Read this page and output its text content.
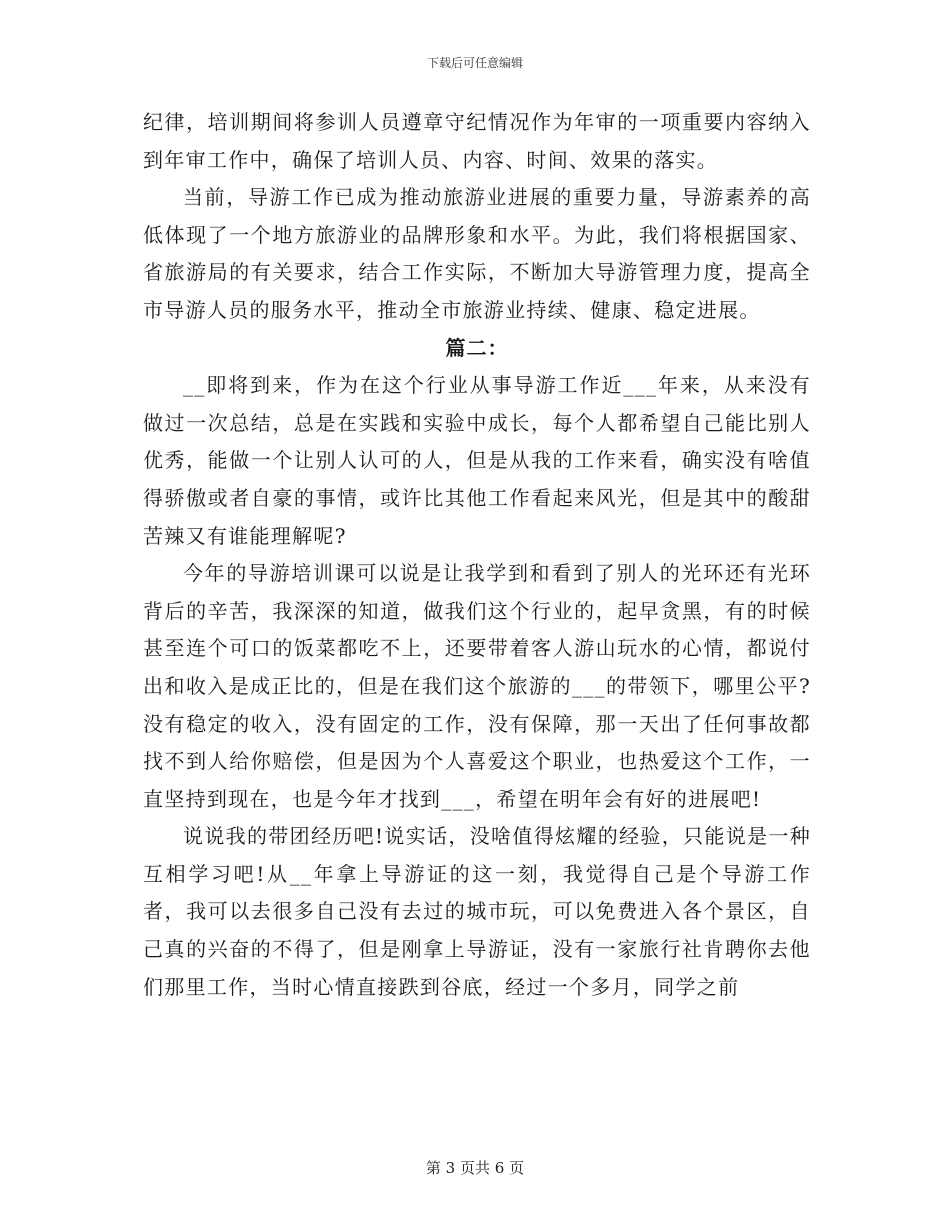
下载后可任意编辑

纪律，培训期间将参训人员遵章守纪情况作为年审的一项重要内容纳入到年审工作中，确保了培训人员、内容、时间、效果的落实。

当前，导游工作已成为推动旅游业进展的重要力量，导游素养的高低体现了一个地方旅游业的品牌形象和水平。为此，我们将根据国家、省旅游局的有关要求，结合工作实际，不断加大导游管理力度，提高全市导游人员的服务水平，推动全市旅游业持续、健康、稳定进展。

篇二：

__即将到来，作为在这个行业从事导游工作近___年来，从来没有做过一次总结，总是在实践和实验中成长，每个人都希望自己能比别人优秀，能做一个让别人认可的人，但是从我的工作来看，确实没有啥值得骄傲或者自豪的事情，或许比其他工作看起来风光，但是其中的酸甜苦辣又有谁能理解呢?

今年的导游培训课可以说是让我学到和看到了别人的光环还有光环背后的辛苦，我深深的知道，做我们这个行业的，起早贪黑，有的时候甚至连个可口的饭菜都吃不上，还要带着客人游山玩水的心情，都说付出和收入是成正比的，但是在我们这个旅游的___的带领下，哪里公平?没有稳定的收入，没有固定的工作，没有保障，那一天出了任何事故都找不到人给你赔偿，但是因为个人喜爱这个职业，也热爱这个工作，一直坚持到现在，也是今年才找到___，希望在明年会有好的进展吧!

说说我的带团经历吧!说实话，没啥值得炫耀的经验，只能说是一种互相学习吧!从__年拿上导游证的这一刻，我觉得自己是个导游工作者，我可以去很多自己没有去过的城市玩，可以免费进入各个景区，自己真的兴奋的不得了，但是刚拿上导游证，没有一家旅行社肯聘你去他们那里工作，当时心情直接跌到谷底，经过一个多月，同学之前

第 3 页共 6 页
